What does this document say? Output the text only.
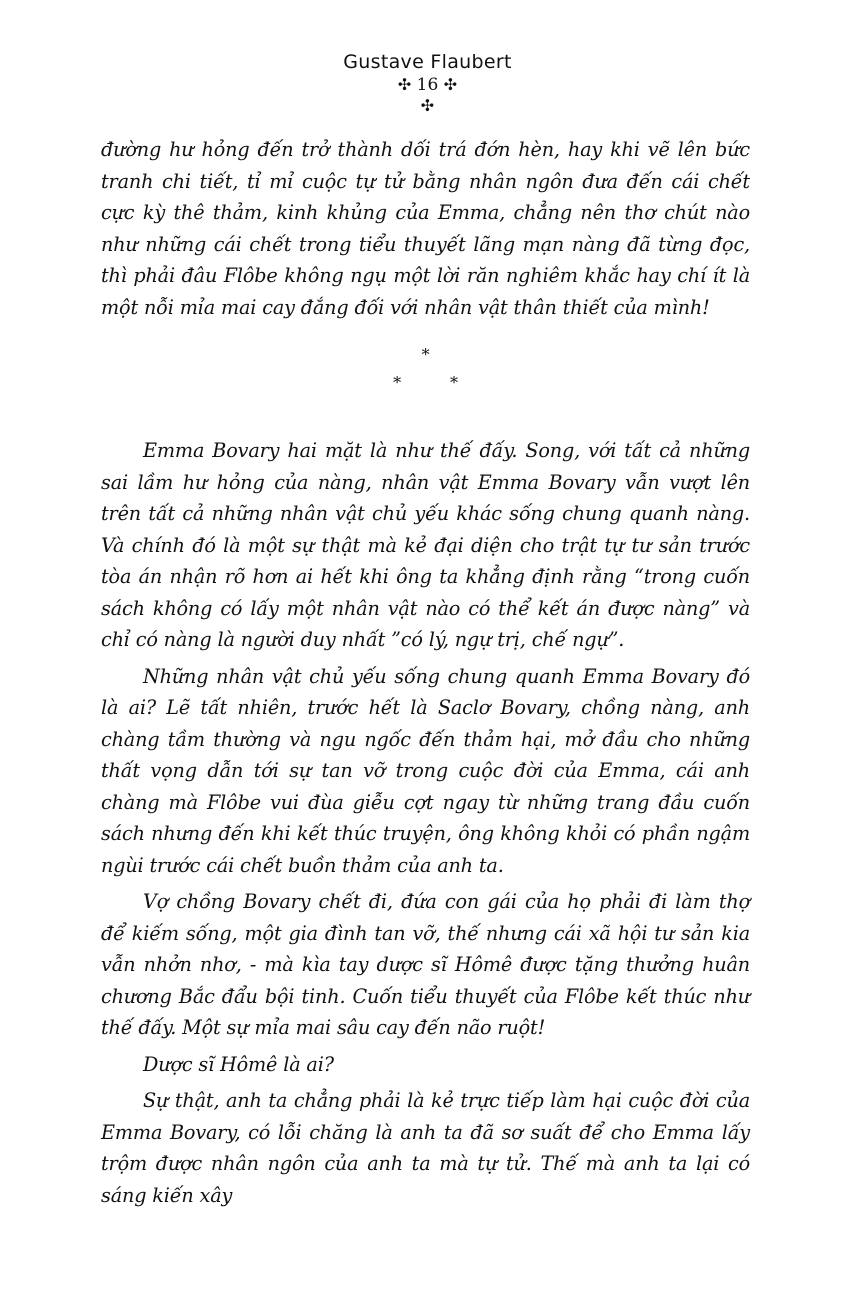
Gustave Flaubert
✣ 16 ✣
✣

đường hư hỏng đến trở thành dối trá đớn hèn, hay khi vẽ lên bức tranh chi tiết, tỉ mỉ cuộc tự tử bằng nhân ngôn đưa đến cái chết cực kỳ thê thảm, kinh khủng của Emma, chẳng nên thơ chút nào như những cái chết trong tiểu thuyết lãng mạn nàng đã từng đọc, thì phải đâu Flôbe không ngụ một lời răn nghiêm khắc hay chí ít là một nỗi mỉa mai cay đắng đối với nhân vật thân thiết của mình!

*
*	*

Emma Bovary hai mặt là như thế đấy. Song, với tất cả những sai lầm hư hỏng của nàng, nhân vật Emma Bovary vẫn vượt lên trên tất cả những nhân vật chủ yếu khác sống chung quanh nàng. Và chính đó là một sự thật mà kẻ đại diện cho trật tự tư sản trước tòa án nhận rõ hơn ai hết khi ông ta khẳng định rằng “trong cuốn sách không có lấy một nhân vật nào có thể kết án được nàng” và chỉ có nàng là người duy nhất ”có lý, ngự trị, chế ngự”.

Những nhân vật chủ yếu sống chung quanh Emma Bovary đó là ai? Lẽ tất nhiên, trước hết là Saclơ Bovary, chồng nàng, anh chàng tầm thường và ngu ngốc đến thảm hại, mở đầu cho những thất vọng dẫn tới sự tan vỡ trong cuộc đời của Emma, cái anh chàng mà Flôbe vui đùa giễu cợt ngay từ những trang đầu cuốn sách nhưng đến khi kết thúc truyện, ông không khỏi có phần ngậm ngùi trước cái chết buồn thảm của anh ta.

Vợ chồng Bovary chết đi, đứa con gái của họ phải đi làm thợ để kiếm sống, một gia đình tan vỡ, thế nhưng cái xã hội tư sản kia vẫn nhởn nhơ, - mà kìa tay dược sĩ Hômê được tặng thưởng huân chương Bắc đẩu bội tinh. Cuốn tiểu thuyết của Flôbe kết thúc như thế đấy. Một sự mỉa mai sâu cay đến não ruột!

Dược sĩ Hômê là ai?

Sự thật, anh ta chẳng phải là kẻ trực tiếp làm hại cuộc đời của Emma Bovary, có lỗi chăng là anh ta đã sơ suất để cho Emma lấy trộm được nhân ngôn của anh ta mà tự tử. Thế mà anh ta lại có sáng kiến xây
